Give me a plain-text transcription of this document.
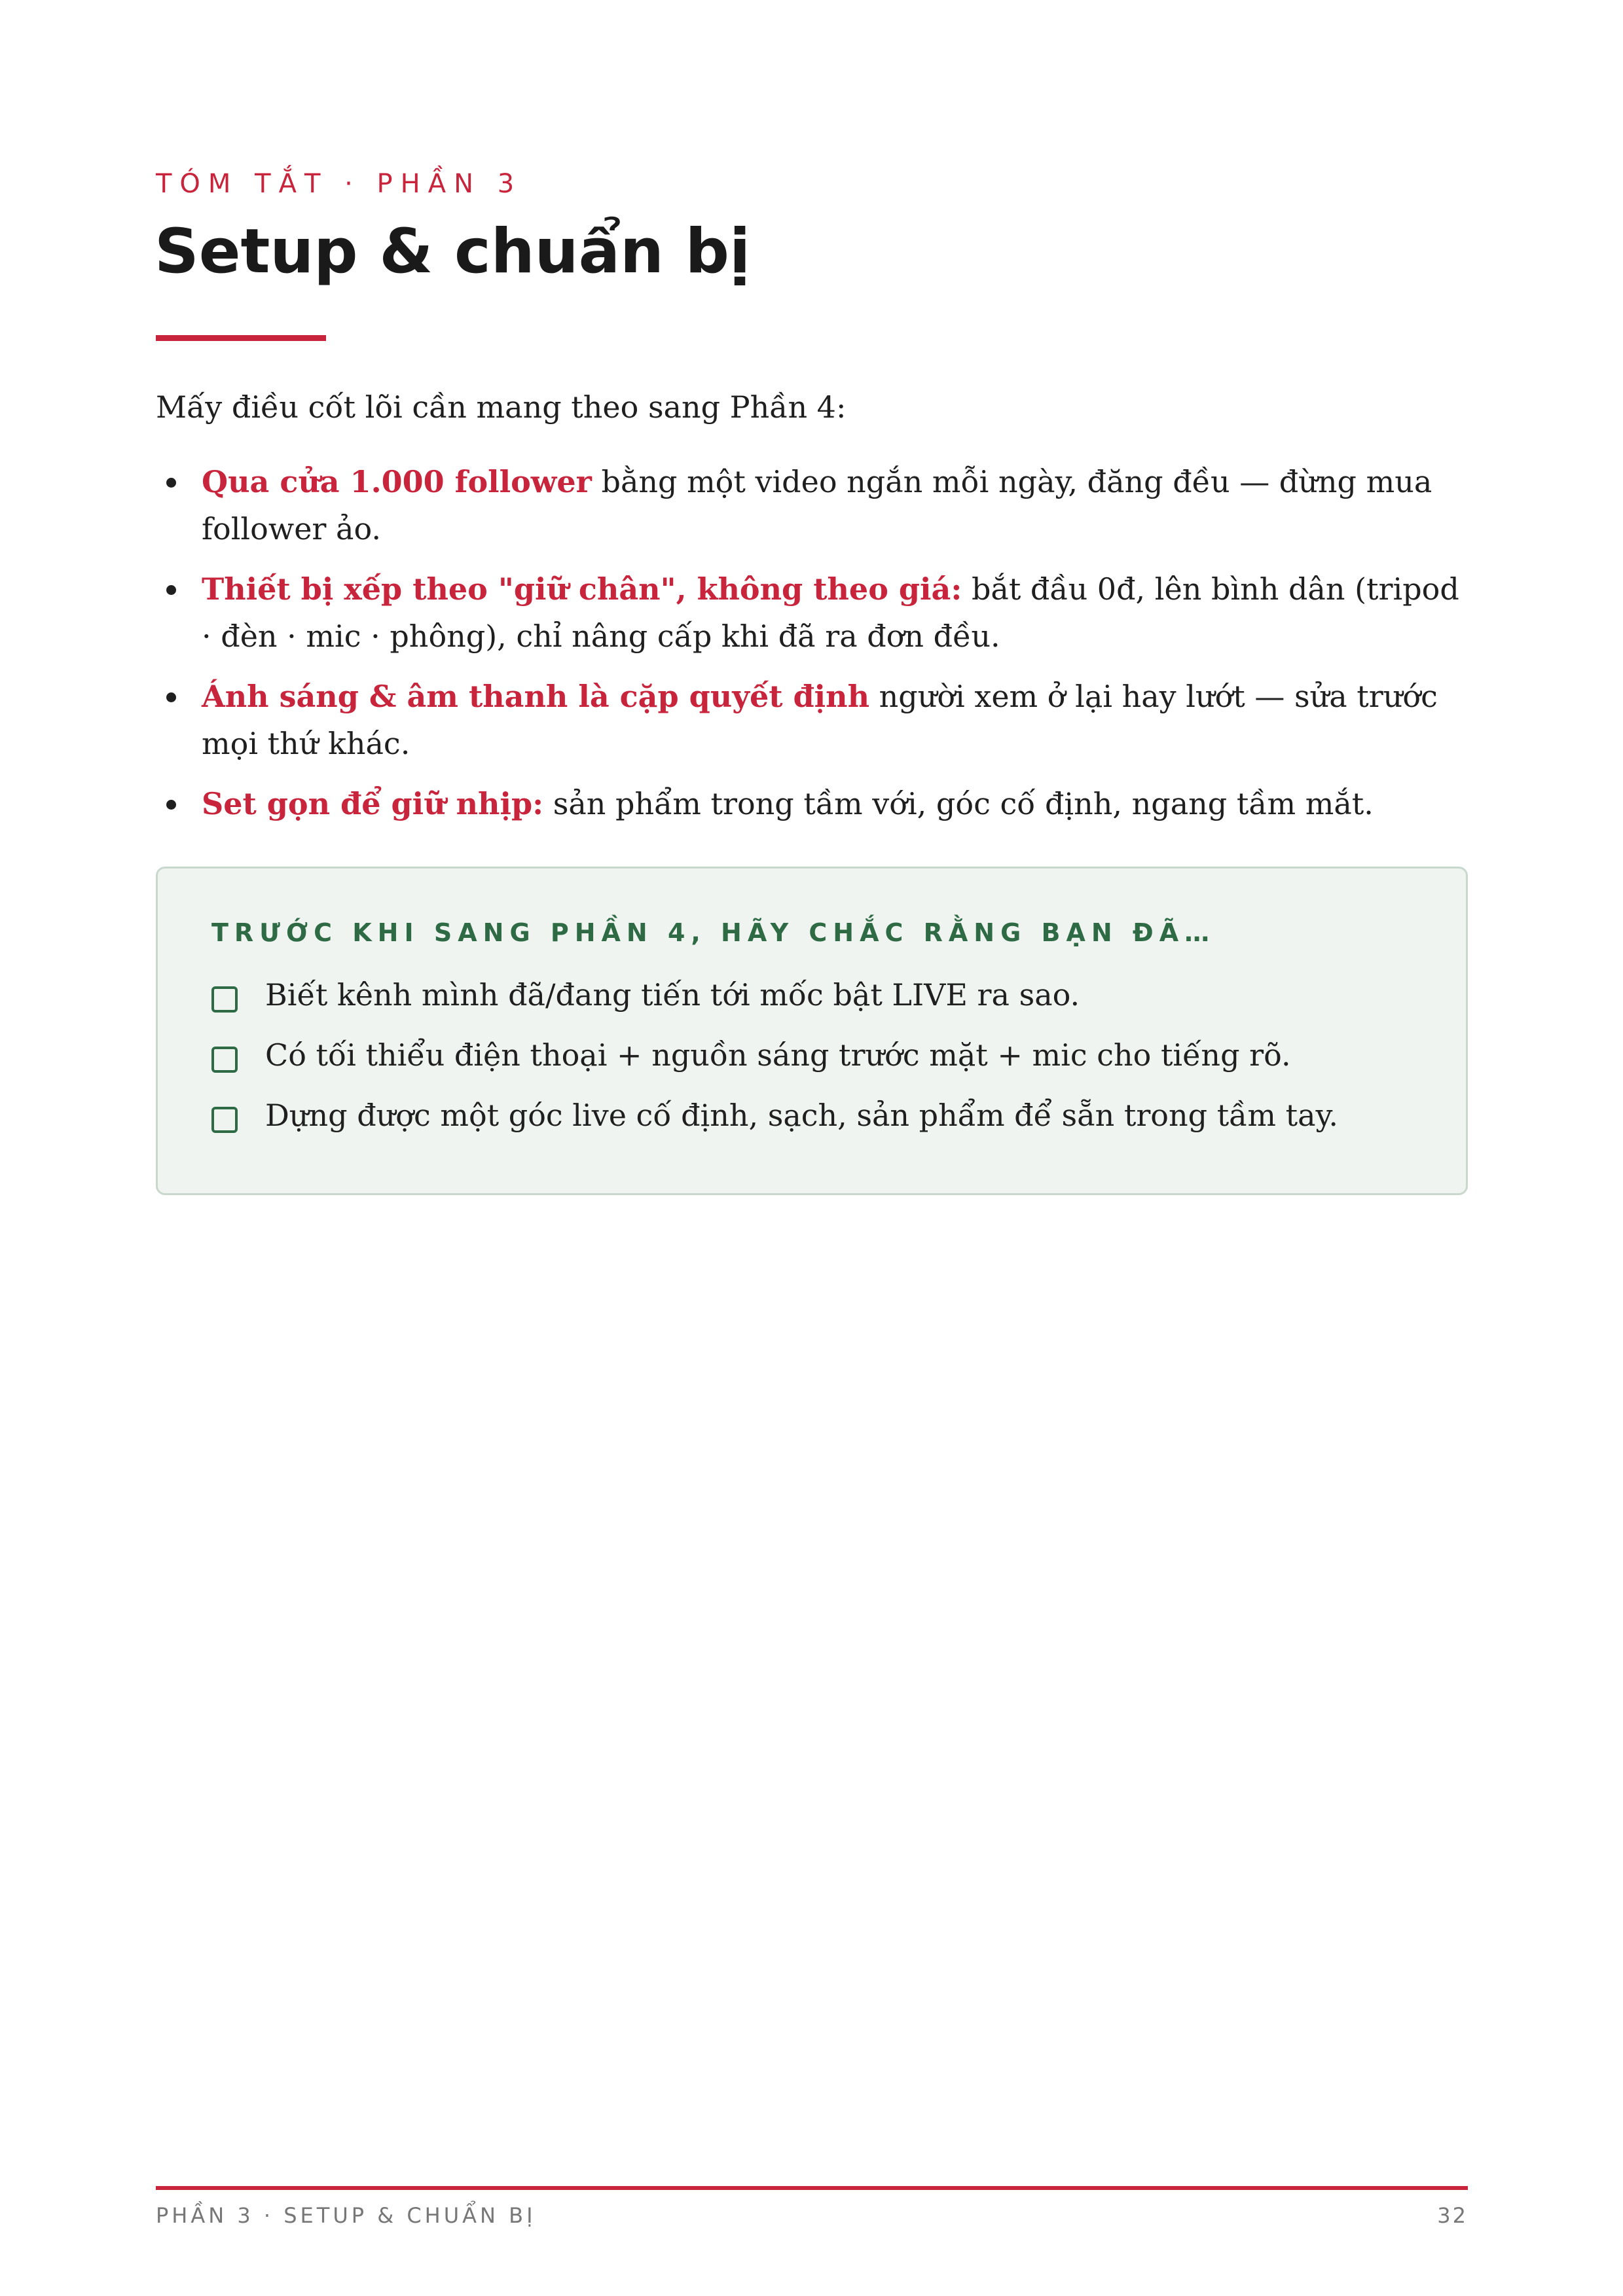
TÓM TẮT · PHẦN 3
Setup & chuẩn bị
Mấy điều cốt lõi cần mang theo sang Phần 4:
Qua cửa 1.000 follower bằng một video ngắn mỗi ngày, đăng đều — đừng mua follower ảo.
Thiết bị xếp theo "giữ chân", không theo giá: bắt đầu 0đ, lên bình dân (tripod · đèn · mic · phông), chỉ nâng cấp khi đã ra đơn đều.
Ánh sáng & âm thanh là cặp quyết định người xem ở lại hay lướt — sửa trước mọi thứ khác.
Set gọn để giữ nhịp: sản phẩm trong tầm với, góc cố định, ngang tầm mắt.
TRƯỚC KHI SANG PHẦN 4, HÃY CHẮC RẰNG BẠN ĐÃ…
Biết kênh mình đã/đang tiến tới mốc bật LIVE ra sao.
Có tối thiểu điện thoại + nguồn sáng trước mặt + mic cho tiếng rõ.
Dựng được một góc live cố định, sạch, sản phẩm để sẵn trong tầm tay.
PHẦN 3 · SETUP & CHUẨN BỊ	32
